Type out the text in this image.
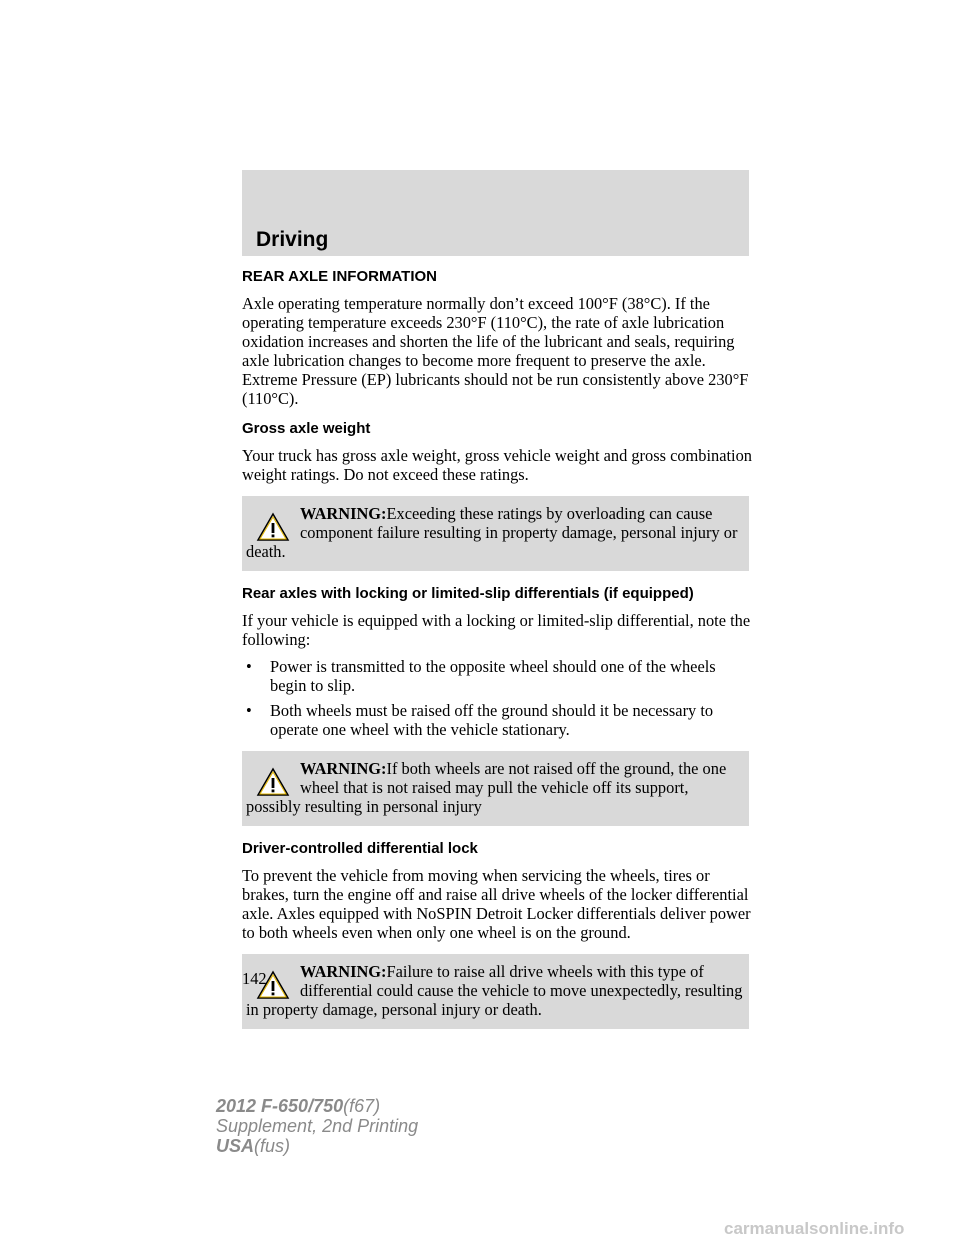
Driving
REAR AXLE INFORMATION

Axle operating temperature normally don’t exceed 100°F (38°C). If the operating temperature exceeds 230°F (110°C), the rate of axle lubrication oxidation increases and shorten the life of the lubricant and seals, requiring axle lubrication changes to become more frequent to preserve the axle. Extreme Pressure (EP) lubricants should not be run consistently above 230°F (110°C).

Gross axle weight

Your truck has gross axle weight, gross vehicle weight and gross combination weight ratings. Do not exceed these ratings.

WARNING:Exceeding these ratings by overloading can cause component failure resulting in property damage, personal injury or death.
Rear axles with locking or limited-slip differentials (if equipped)

If your vehicle is equipped with a locking or limited-slip differential, note the following:

• Power is transmitted to the opposite wheel should one of the wheels begin to slip.
• Both wheels must be raised off the ground should it be necessary to operate one wheel with the vehicle stationary.
WARNING:If both wheels are not raised off the ground, the one wheel that is not raised may pull the vehicle off its support, possibly resulting in personal injury
Driver-controlled differential lock

To prevent the vehicle from moving when servicing the wheels, tires or brakes, turn the engine off and raise all drive wheels of the locker differential axle. Axles equipped with NoSPIN Detroit Locker differentials deliver power to both wheels even when only one wheel is on the ground.

WARNING:Failure to raise all drive wheels with this type of differential could cause the vehicle to move unexpectedly, resulting in property damage, personal injury or death.
142
2012 F-650/750(f67)
Supplement, 2nd Printing
USA(fus)
carmanualsonline.info
